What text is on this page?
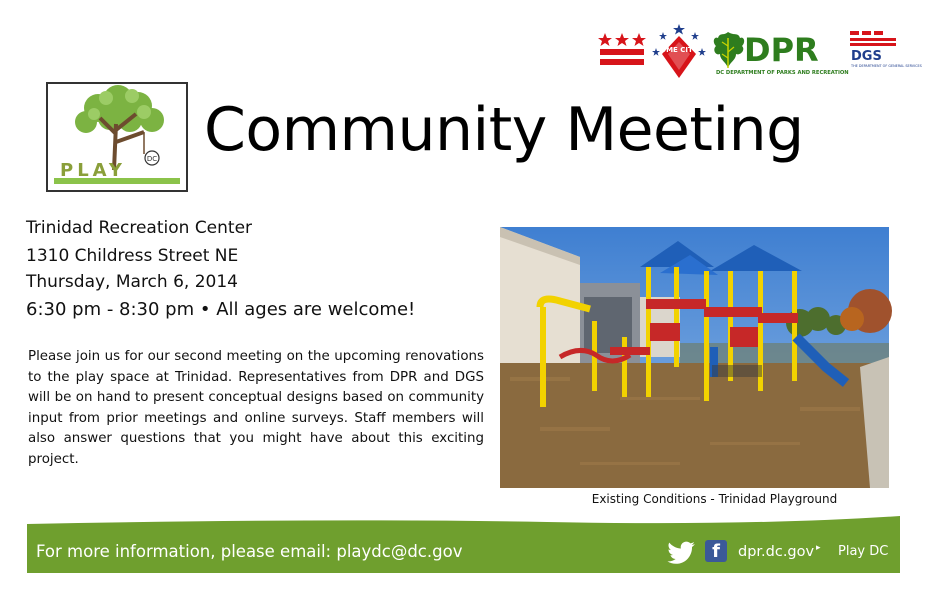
OME CITY DPR
DC DEPARTMENT OF PARKS AND RECREATION
DGS
THE DEPARTMENT OF GENERAL SERVICES
DC
PLAY
Community Meeting
Trinidad Recreation Center
1310 Childress Street NE
Thursday, March 6, 2014
6:30 pm - 8:30 pm • All ages are welcome!
Please join us for our second meeting on the upcoming renovations to the play space at Trinidad. Representatives from DPR and DGS will be on hand to present conceptual designs based on community input from prior meetings and online surveys. Staff members will also answer questions that you might have about this exciting project.
Existing Conditions - Trinidad Playground
For more information, please email: playdc@dc.gov	f	dpr.dc.gov ▸ Play DC
